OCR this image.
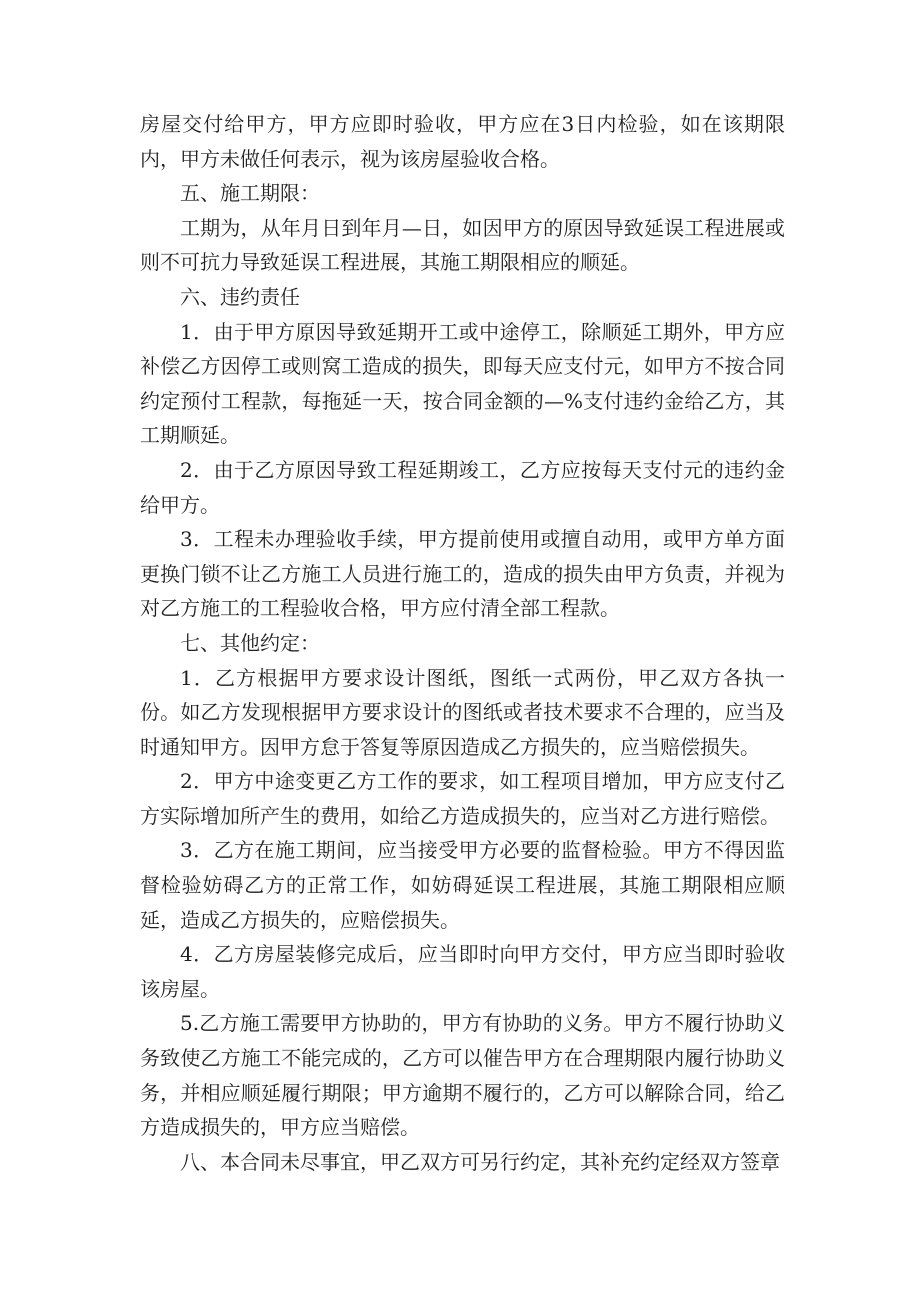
房屋交付给甲方，甲方应即时验收，甲方应在3日内检验，如在该期限内，甲方未做任何表示，视为该房屋验收合格。

五、施工期限：

工期为，从年月日到年月—日，如因甲方的原因导致延误工程进展或则不可抗力导致延误工程进展，其施工期限相应的顺延。

六、违约责任

1．由于甲方原因导致延期开工或中途停工，除顺延工期外，甲方应补偿乙方因停工或则窝工造成的损失，即每天应支付元，如甲方不按合同约定预付工程款，每拖延一天，按合同金额的—%支付违约金给乙方，其工期顺延。

2．由于乙方原因导致工程延期竣工，乙方应按每天支付元的违约金给甲方。

3．工程未办理验收手续，甲方提前使用或擅自动用，或甲方单方面更换门锁不让乙方施工人员进行施工的，造成的损失由甲方负责，并视为对乙方施工的工程验收合格，甲方应付清全部工程款。

七、其他约定：

1．乙方根据甲方要求设计图纸，图纸一式两份，甲乙双方各执一份。如乙方发现根据甲方要求设计的图纸或者技术要求不合理的，应当及时通知甲方。因甲方怠于答复等原因造成乙方损失的，应当赔偿损失。

2．甲方中途变更乙方工作的要求，如工程项目增加，甲方应支付乙方实际增加所产生的费用，如给乙方造成损失的，应当对乙方进行赔偿。

3．乙方在施工期间，应当接受甲方必要的监督检验。甲方不得因监督检验妨碍乙方的正常工作，如妨碍延误工程进展，其施工期限相应顺延，造成乙方损失的，应赔偿损失。

4．乙方房屋装修完成后，应当即时向甲方交付，甲方应当即时验收该房屋。

5.乙方施工需要甲方协助的，甲方有协助的义务。甲方不履行协助义务致使乙方施工不能完成的，乙方可以催告甲方在合理期限内履行协助义务，并相应顺延履行期限；甲方逾期不履行的，乙方可以解除合同，给乙方造成损失的，甲方应当赔偿。

八、本合同未尽事宜，甲乙双方可另行约定，其补充约定经双方签章
